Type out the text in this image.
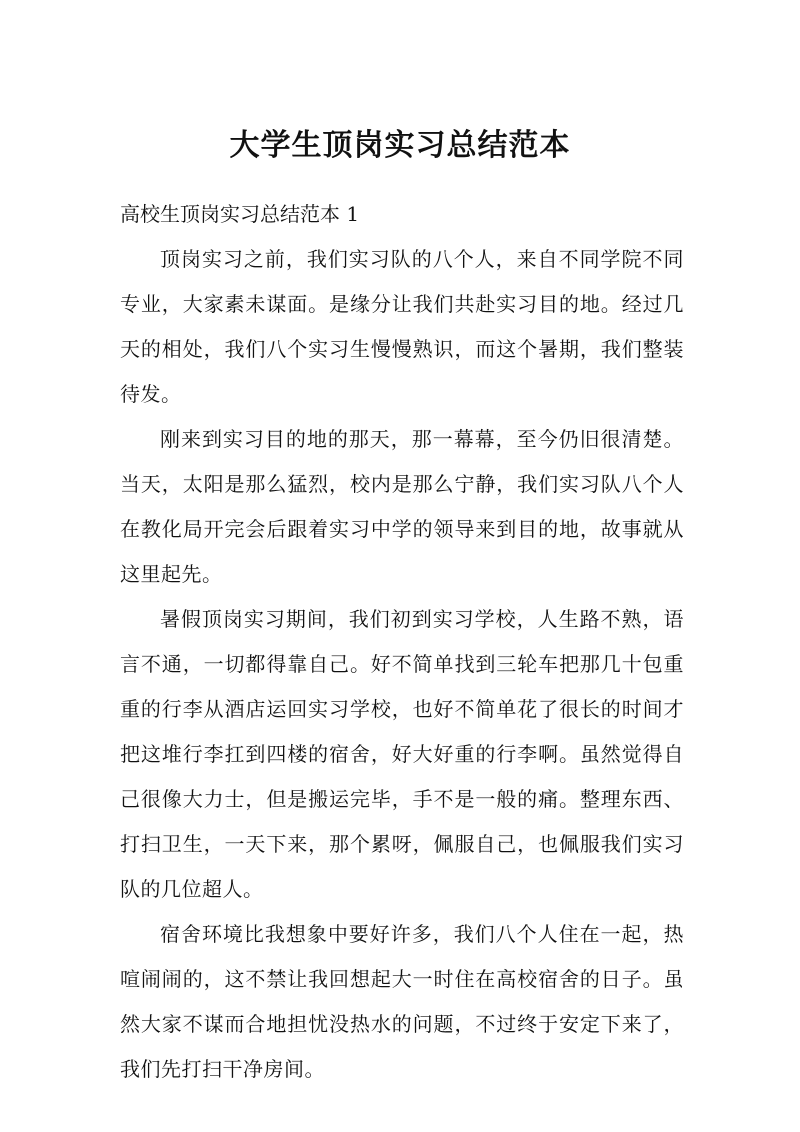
大学生顶岗实习总结范本
高校生顶岗实习总结范本 1

顶岗实习之前，我们实习队的八个人，来自不同学院不同专业，大家素未谋面。是缘分让我们共赴实习目的地。经过几天的相处，我们八个实习生慢慢熟识，而这个暑期，我们整装待发。

刚来到实习目的地的那天，那一幕幕，至今仍旧很清楚。当天，太阳是那么猛烈，校内是那么宁静，我们实习队八个人在教化局开完会后跟着实习中学的领导来到目的地，故事就从这里起先。

暑假顶岗实习期间，我们初到实习学校，人生路不熟，语言不通，一切都得靠自己。好不简单找到三轮车把那几十包重重的行李从酒店运回实习学校，也好不简单花了很长的时间才把这堆行李扛到四楼的宿舍，好大好重的行李啊。虽然觉得自己很像大力士，但是搬运完毕，手不是一般的痛。整理东西、打扫卫生，一天下来，那个累呀，佩服自己，也佩服我们实习队的几位超人。

宿舍环境比我想象中要好许多，我们八个人住在一起，热喧闹闹的，这不禁让我回想起大一时住在高校宿舍的日子。虽然大家不谋而合地担忧没热水的问题，不过终于安定下来了，我们先打扫干净房间。
